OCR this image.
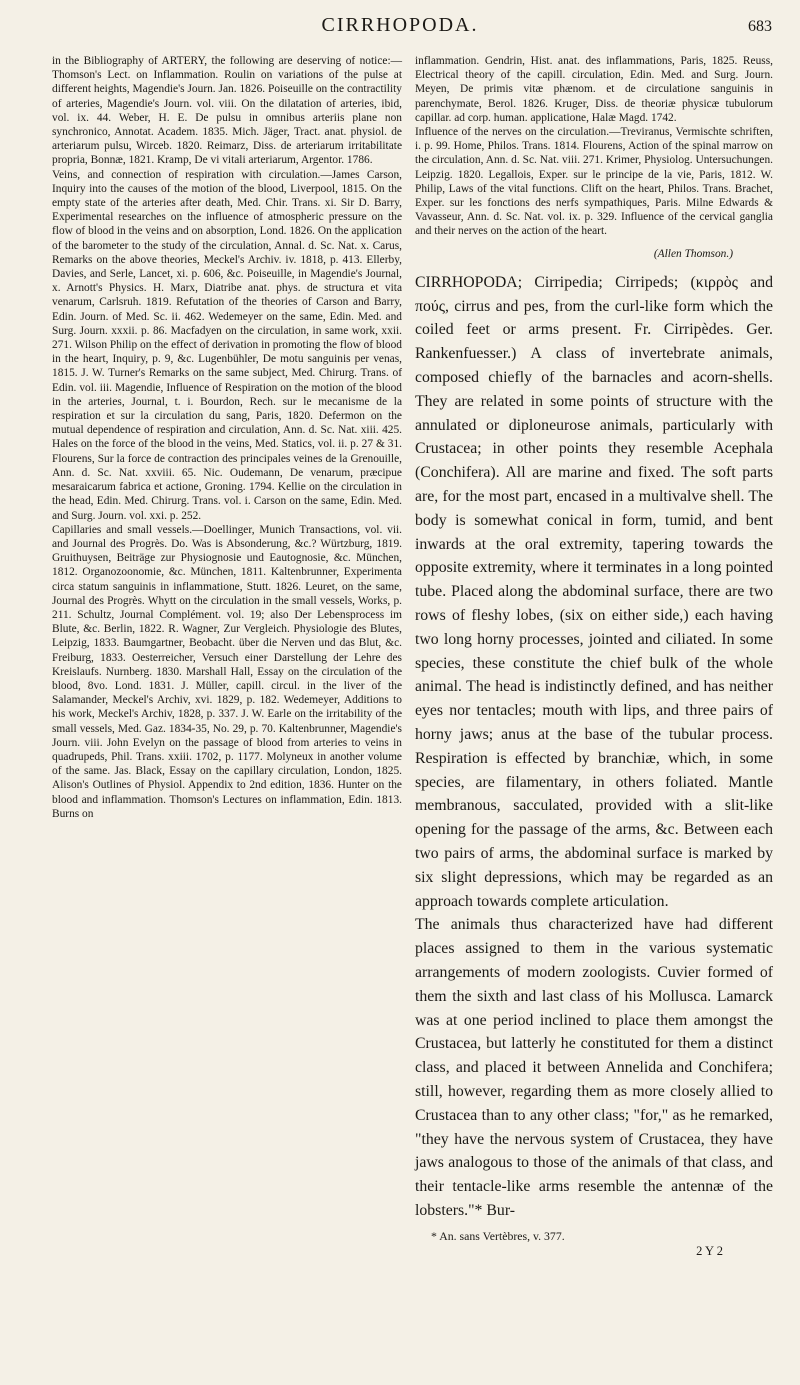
CIRRHOPODA.	683

in the Bibliography of ARTERY, the following are deserving of notice:—Thomson's Lect. on Inflammation. Roulin on variations of the pulse at different heights, Magendie's Journ. Jan. 1826. Poiseuille on the contractility of arteries, Magendie's Journ. vol. viii. On the dilatation of arteries, ibid, vol. ix. 44. Weber, H. E. De pulsu in omnibus arteriis plane non synchronico, Annotat. Academ. 1835. Mich. Jäger, Tract. anat. physiol. de arteriarum pulsu, Wirceb. 1820. Reimarz, Diss. de arteriarum irritabilitate propria, Bonnæ, 1821. Kramp, De vi vitali arteriarum, Argentor. 1786.
Veins, and connection of respiration with circulation.—James Carson, Inquiry into the causes of the motion of the blood, Liverpool, 1815. On the empty state of the arteries after death, Med. Chir. Trans. xi. Sir D. Barry, Experimental researches on the influence of atmospheric pressure on the flow of blood in the veins and on absorption, Lond. 1826. On the application of the barometer to the study of the circulation, Annal. d. Sc. Nat. x. Carus, Remarks on the above theories, Meckel's Archiv. iv. 1818, p. 413. Ellerby, Davies, and Serle, Lancet, xi. p. 606, &c. Poiseuille, in Magendie's Journal, x. Arnott's Physics. H. Marx, Diatribe anat. phys. de structura et vita venarum, Carlsruh. 1819. Refutation of the theories of Carson and Barry, Edin. Journ. of Med. Sc. ii. 462. Wedemeyer on the same, Edin. Med. and Surg. Journ. xxxii. p. 86. Macfadyen on the circulation, in same work, xxii. 271. Wilson Philip on the effect of derivation in promoting the flow of blood in the heart, Inquiry, p. 9, &c. Lugenbühler, De motu sanguinis per venas, 1815. J. W. Turner's Remarks on the same subject, Med. Chirurg. Trans. of Edin. vol. iii. Magendie, Influence of Respiration on the motion of the blood in the arteries, Journal, t. i. Bourdon, Rech. sur le mecanisme de la respiration et sur la circulation du sang, Paris, 1820. Defermon on the mutual dependence of respiration and circulation, Ann. d. Sc. Nat. xiii. 425. Hales on the force of the blood in the veins, Med. Statics, vol. ii. p. 27 & 31. Flourens, Sur la force de contraction des principales veines de la Grenouille, Ann. d. Sc. Nat. xxviii. 65. Nic. Oudemann, De venarum, præcipue mesaraicarum fabrica et actione, Groning. 1794. Kellie on the circulation in the head, Edin. Med. Chirurg. Trans. vol. i. Carson on the same, Edin. Med. and Surg. Journ. vol. xxi. p. 252.
Capillaries and small vessels.—Doellinger, Munich Transactions, vol. vii. and Journal des Progrès. Do. Was is Absonderung, &c.? Würtzburg, 1819. Gruithuysen, Beiträge zur Physiognosie und Eautognosie, &c. München, 1812. Organozoonomie, &c. München, 1811. Kaltenbrunner, Experimenta circa statum sanguinis in inflammatione, Stutt. 1826. Leuret, on the same, Journal des Progrès. Whytt on the circulation in the small vessels, Works, p. 211. Schultz, Journal Complément. vol. 19; also Der Lebensprocess im Blute, &c. Berlin, 1822. R. Wagner, Zur Vergleich. Physiologie des Blutes, Leipzig, 1833. Baumgartner, Beobacht. über die Nerven und das Blut, &c. Freiburg, 1833. Oesterreicher, Versuch einer Darstellung der Lehre des Kreislaufs. Nurnberg. 1830. Marshall Hall, Essay on the circulation of the blood, 8vo. Lond. 1831. J. Müller, capill. circul. in the liver of the Salamander, Meckel's Archiv, xvi. 1829, p. 182. Wedemeyer, Additions to his work, Meckel's Archiv, 1828, p. 337. J. W. Earle on the irritability of the small vessels, Med. Gaz. 1834-35, No. 29, p. 70. Kaltenbrunner, Magendie's Journ. viii. John Evelyn on the passage of blood from arteries to veins in quadrupeds, Phil. Trans. xxiii. 1702, p. 1177. Molyneux in another volume of the same. Jas. Black, Essay on the capillary circulation, London, 1825. Alison's Outlines of Physiol. Appendix to 2nd edition, 1836. Hunter on the blood and inflammation. Thomson's Lectures on inflammation, Edin. 1813. Burns on

inflammation. Gendrin, Hist. anat. des inflammations, Paris, 1825. Reuss, Electrical theory of the capill. circulation, Edin. Med. and Surg. Journ. Meyen, De primis vitæ phænom. et de circulatione sanguinis in parenchymate, Berol. 1826. Kruger, Diss. de theoriæ physicæ tubulorum capillar. ad corp. human. applicatione, Halæ Magd. 1742.
Influence of the nerves on the circulation.—Treviranus, Vermischte schriften, i. p. 99. Home, Philos. Trans. 1814. Flourens, Action of the spinal marrow on the circulation, Ann. d. Sc. Nat. viii. 271. Krimer, Physiolog. Untersuchungen. Leipzig. 1820. Legallois, Exper. sur le principe de la vie, Paris, 1812. W. Philip, Laws of the vital functions. Clift on the heart, Philos. Trans. Brachet, Exper. sur les fonctions des nerfs sympathiques, Paris. Milne Edwards & Vavasseur, Ann. d. Sc. Nat. vol. ix. p. 329. Influence of the cervical ganglia and their nerves on the action of the heart.

(Allen Thomson.)

CIRRHOPODA; Cirripedia; Cirripeds; (κιρρὸς and πούς, cirrus and pes, from the curl-like form which the coiled feet or arms present. Fr. Cirripèdes. Ger. Rankenfuesser.) A class of invertebrate animals, composed chiefly of the barnacles and acorn-shells. They are related in some points of structure with the annulated or diploneurose animals, particularly with Crustacea; in other points they resemble Acephala (Conchifera). All are marine and fixed. The soft parts are, for the most part, encased in a multivalve shell. The body is somewhat conical in form, tumid, and bent inwards at the oral extremity, tapering towards the opposite extremity, where it terminates in a long pointed tube. Placed along the abdominal surface, there are two rows of fleshy lobes, (six on either side,) each having two long horny processes, jointed and ciliated. In some species, these constitute the chief bulk of the whole animal. The head is indistinctly defined, and has neither eyes nor tentacles; mouth with lips, and three pairs of horny jaws; anus at the base of the tubular process. Respiration is effected by branchiæ, which, in some species, are filamentary, in others foliated. Mantle membranous, sacculated, provided with a slit-like opening for the passage of the arms, &c. Between each two pairs of arms, the abdominal surface is marked by six slight depressions, which may be regarded as an approach towards complete articulation.
The animals thus characterized have had different places assigned to them in the various systematic arrangements of modern zoologists. Cuvier formed of them the sixth and last class of his Mollusca. Lamarck was at one period inclined to place them amongst the Crustacea, but latterly he constituted for them a distinct class, and placed it between Annelida and Conchifera; still, however, regarding them as more closely allied to Crustacea than to any other class; "for," as he remarked, "they have the nervous system of Crustacea, they have jaws analogous to those of the animals of that class, and their tentacle-like arms resemble the antennæ of the lobsters."* Bur-

* An. sans Vertèbres, v. 377.

2 Y 2
